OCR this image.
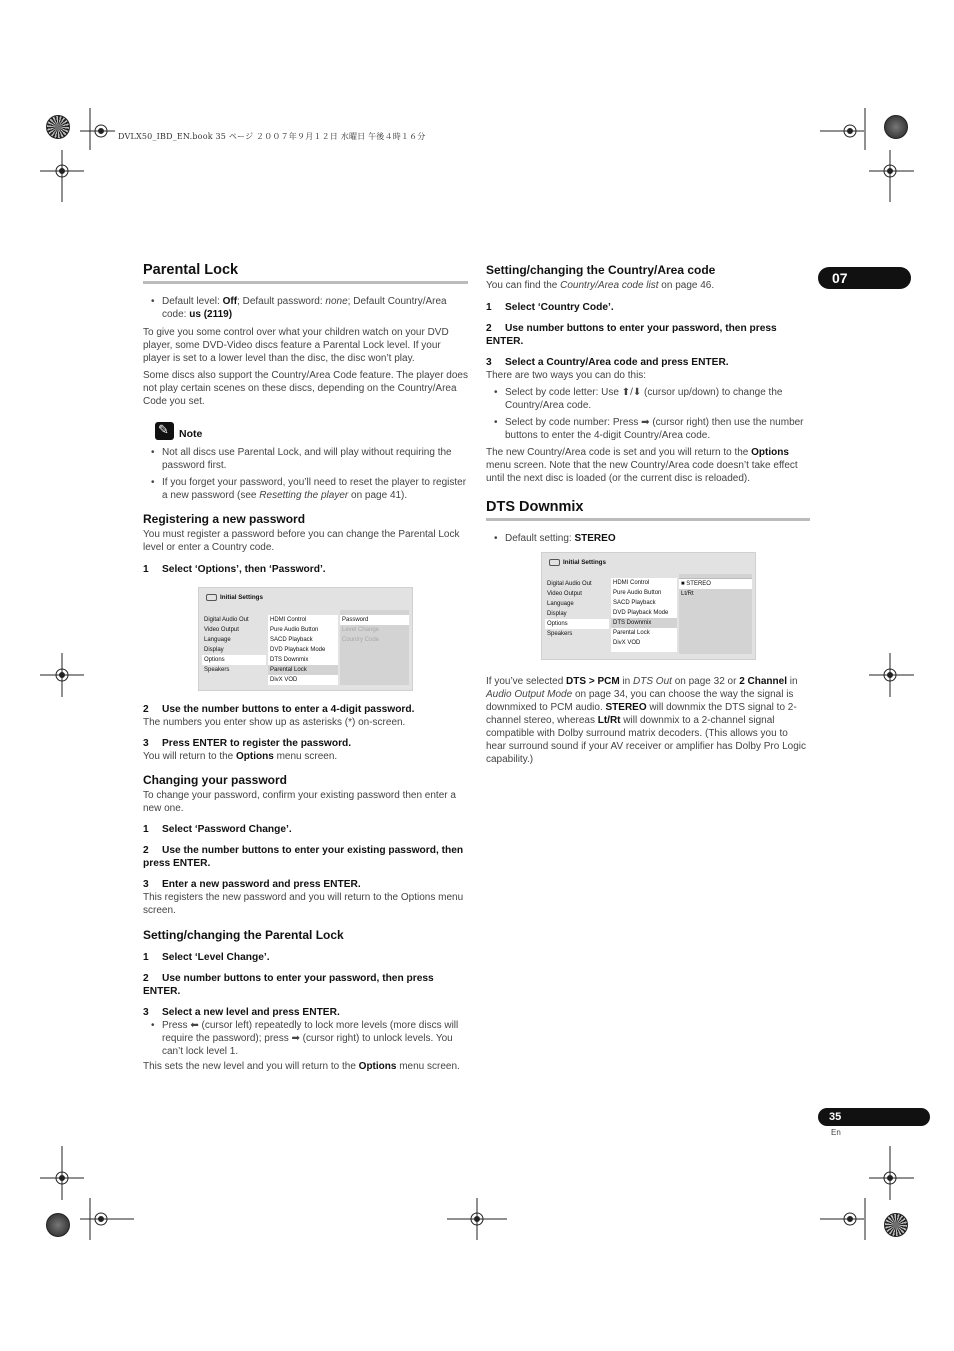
DVLX50_IBD_EN.book 35 ページ ２００７年９月１２日 水曜日 午後４時１６分
07
Parental Lock
• Default level: Off; Default password: none; Default Country/Area code: us (2119)
To give you some control over what your children watch on your DVD player, some DVD-Video discs feature a Parental Lock level. If your player is set to a lower level than the disc, the disc won’t play.
Some discs also support the Country/Area Code feature. The player does not play certain scenes on these discs, depending on the Country/Area Code you set.
✎
Note
• Not all discs use Parental Lock, and will play without requiring the password first.
• If you forget your password, you’ll need to reset the player to register a new password (see Resetting the player on page 41).
Registering a new password
You must register a password before you can change the Parental Lock level or enter a Country code.
1 Select ‘Options’, then ‘Password’.
2 Use the number buttons to enter a 4-digit password.
The numbers you enter show up as asterisks (*) on-screen.
3 Press ENTER to register the password.
You will return to the Options menu screen.
Changing your password
To change your password, confirm your existing password then enter a new one.
1 Select ‘Password Change’.
2 Use the number buttons to enter your existing password, then press ENTER.
3 Enter a new password and press ENTER.
This registers the new password and you will return to the Options menu screen.
Setting/changing the Parental Lock
1 Select ‘Level Change’.
2 Use number buttons to enter your password, then press ENTER.
3 Select a new level and press ENTER.
• Press ⬅ (cursor left) repeatedly to lock more levels (more discs will require the password); press ➡ (cursor right) to unlock levels. You can’t lock level 1.
This sets the new level and you will return to the Options menu screen.
Initial Settings
Digital Audio Out
Video Output
Language
Display
Options
Speakers
HDMI Control
Pure Audio Button
SACD Playback
DVD Playback Mode
DTS Downmix
Parental Lock
DivX VOD
Password
Level Change
Country Code
Setting/changing the Country/Area code
You can find the Country/Area code list on page 46.
1 Select ‘Country Code’.
2 Use number buttons to enter your password, then press ENTER.
3 Select a Country/Area code and press ENTER.
There are two ways you can do this:
• Select by code letter: Use ⬆/⬇ (cursor up/down) to change the Country/Area code.
• Select by code number: Press ➡ (cursor right) then use the number buttons to enter the 4-digit Country/Area code.
The new Country/Area code is set and you will return to the Options menu screen. Note that the new Country/Area code doesn’t take effect until the next disc is loaded (or the current disc is reloaded).
DTS Downmix
• Default setting: STEREO
If you’ve selected DTS > PCM in DTS Out on page 32 or 2 Channel in Audio Output Mode on page 34, you can choose the way the signal is downmixed to PCM audio. STEREO will downmix the DTS signal to 2-channel stereo, whereas Lt/Rt will downmix to a 2-channel signal compatible with Dolby surround matrix decoders. (This allows you to hear surround sound if your AV receiver or amplifier has Dolby Pro Logic capability.)
Initial Settings
Digital Audio Out
Video Output
Language
Display
Options
Speakers
HDMI Control
Pure Audio Button
SACD Playback
DVD Playback Mode
DTS Downmix
Parental Lock
DivX VOD
■ STEREO
Lt/Rt
35
En
